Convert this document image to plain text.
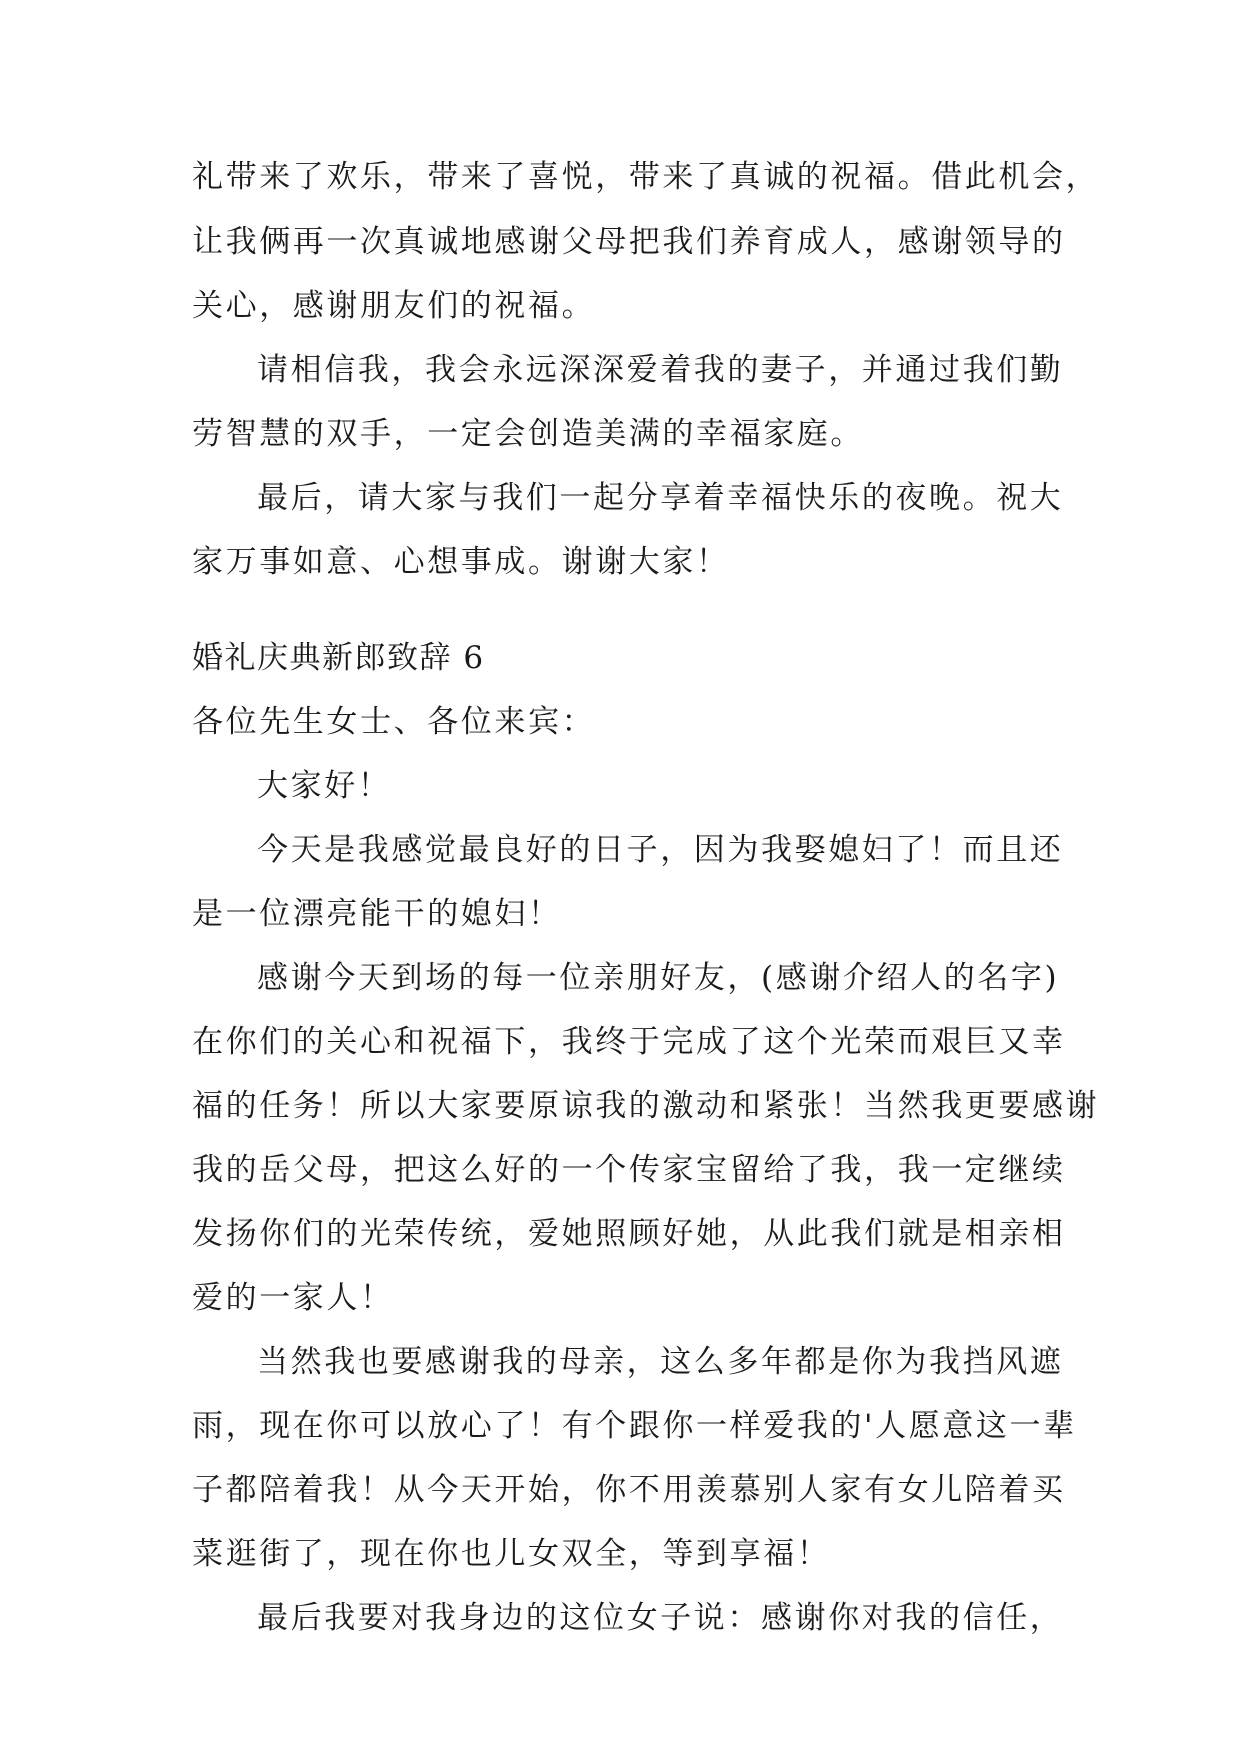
礼带来了欢乐，带来了喜悦，带来了真诚的祝福。借此机会，
让我俩再一次真诚地感谢父母把我们养育成人，感谢领导的
关心，感谢朋友们的祝福。
请相信我，我会永远深深爱着我的妻子，并通过我们勤
劳智慧的双手，一定会创造美满的幸福家庭。
最后，请大家与我们一起分享着幸福快乐的夜晚。祝大
家万事如意、心想事成。谢谢大家！
婚礼庆典新郎致辞 6
各位先生女士、各位来宾：
大家好！
今天是我感觉最良好的日子，因为我娶媳妇了！而且还
是一位漂亮能干的媳妇！
感谢今天到场的每一位亲朋好友，(感谢介绍人的名字)
在你们的关心和祝福下，我终于完成了这个光荣而艰巨又幸
福的任务！所以大家要原谅我的激动和紧张！当然我更要感谢
我的岳父母，把这么好的一个传家宝留给了我，我一定继续
发扬你们的光荣传统，爱她照顾好她，从此我们就是相亲相
爱的一家人！
当然我也要感谢我的母亲，这么多年都是你为我挡风遮
雨，现在你可以放心了！有个跟你一样爱我的'人愿意这一辈
子都陪着我！从今天开始，你不用羡慕别人家有女儿陪着买
菜逛街了，现在你也儿女双全，等到享福！
最后我要对我身边的这位女子说：感谢你对我的信任，
